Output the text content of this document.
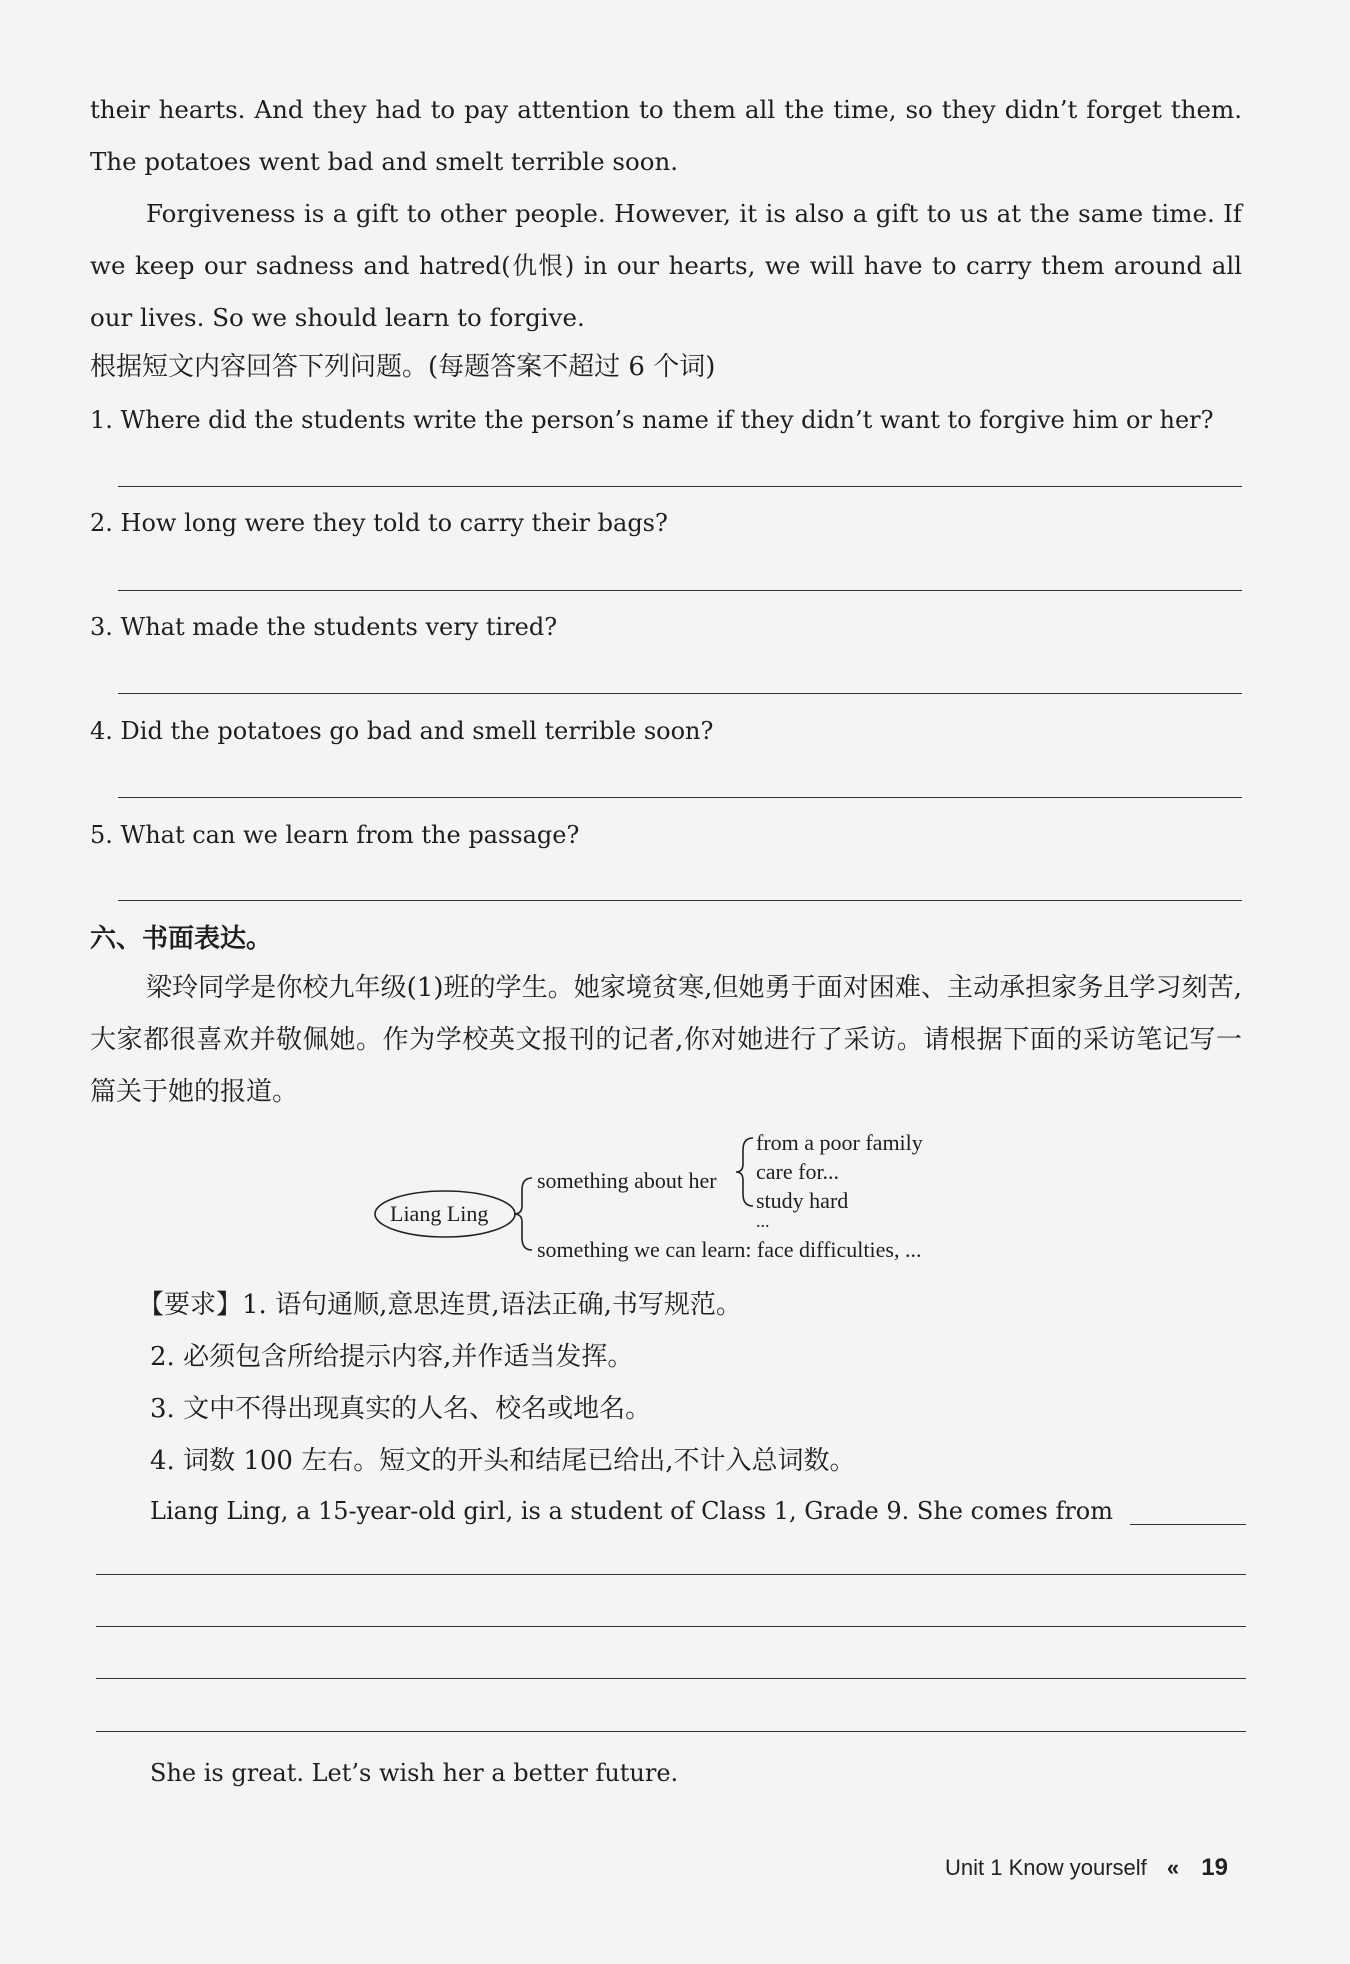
their hearts. And they had to pay attention to them all the time, so they didn’t forget them. The potatoes went bad and smelt terrible soon.
Forgiveness is a gift to other people. However, it is also a gift to us at the same time. If we keep our sadness and hatred(仇恨) in our hearts, we will have to carry them around all our lives. So we should learn to forgive.
根据短文内容回答下列问题。(每题答案不超过 6 个词)
1. Where did the students write the person’s name if they didn’t want to forgive him or her?
2. How long were they told to carry their bags?
3. What made the students very tired?
4. Did the potatoes go bad and smell terrible soon?
5. What can we learn from the passage?
六、书面表达。
梁玲同学是你校九年级(1)班的学生。她家境贫寒,但她勇于面对困难、主动承担家务且学习刻苦,大家都很喜欢并敬佩她。作为学校英文报刊的记者,你对她进行了采访。请根据下面的采访笔记写一篇关于她的报道。
Liang Ling
something about her
from a poor family
care for...
study hard
...
something we can learn: face difficulties, ...
【要求】1. 语句通顺,意思连贯,语法正确,书写规范。
2. 必须包含所给提示内容,并作适当发挥。
3. 文中不得出现真实的人名、校名或地名。
4. 词数 100 左右。短文的开头和结尾已给出,不计入总词数。
Liang Ling, a 15-year-old girl, is a student of Class 1, Grade 9. She comes from
She is great. Let’s wish her a better future.
Unit 1 Know yourself « 19
